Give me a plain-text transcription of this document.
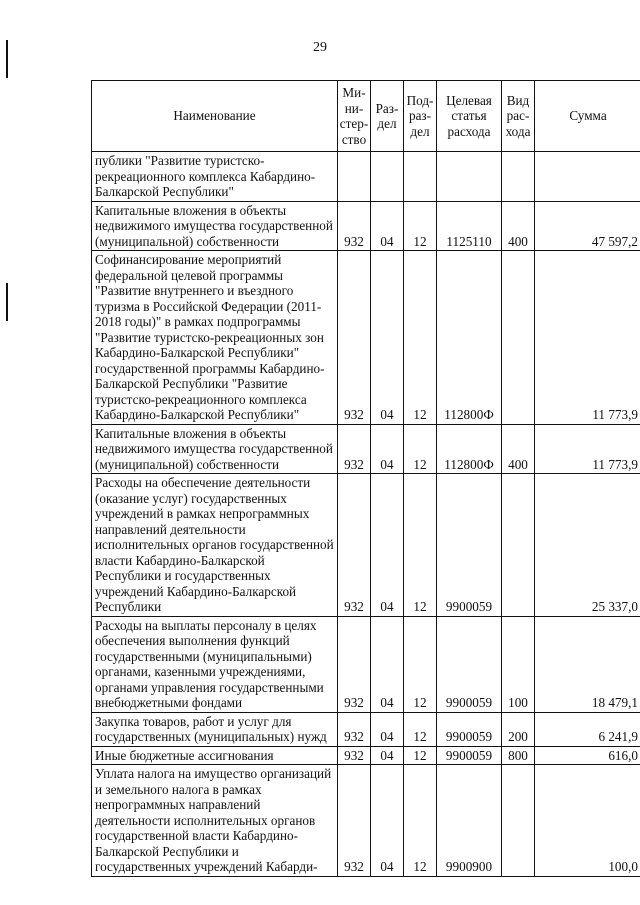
29
Наименование	Ми- ни- стер- ство	Раз- дел	Под- раз- дел	Целевая статья расхода	Вид рас- хода	Сумма
публики "Развитие туристско-рекреационного комплекса Кабардино-Балкарской Республики"						
Капитальные вложения в объекты недвижимого имущества государственной (муниципальной) собственности	932	04	12	1125110	400	47 597,2
Софинансирование мероприятий федеральной целевой программы "Развитие внутреннего и въездного туризма в Российской Федерации (2011-2018 годы)" в рамках подпрограммы "Развитие туристско-рекреационных зон Кабардино-Балкарской Республики" государственной программы Кабардино-Балкарской Республики "Развитие туристско-рекреационного комплекса Кабардино-Балкарской Республики"	932	04	12	112800Ф		11 773,9
Капитальные вложения в объекты недвижимого имущества государственной (муниципальной) собственности	932	04	12	112800Ф	400	11 773,9
Расходы на обеспечение деятельности (оказание услуг) государственных учреждений в рамках непрограммных направлений деятельности исполнительных органов государственной власти Кабардино-Балкарской Республики и государственных учреждений Кабардино-Балкарской Республики	932	04	12	9900059		25 337,0
Расходы на выплаты персоналу в целях обеспечения выполнения функций государственными (муниципальными) органами, казенными учреждениями, органами управления государственными внебюджетными фондами	932	04	12	9900059	100	18 479,1
Закупка товаров, работ и услуг для государственных (муниципальных) нужд	932	04	12	9900059	200	6 241,9
Иные бюджетные ассигнования	932	04	12	9900059	800	616,0
Уплата налога на имущество организаций и земельного налога в рамках непрограммных направлений деятельности исполнительных органов государственной власти Кабардино-Балкарской Республики и государственных учреждений Кабарди-	932	04	12	9900900		100,0
